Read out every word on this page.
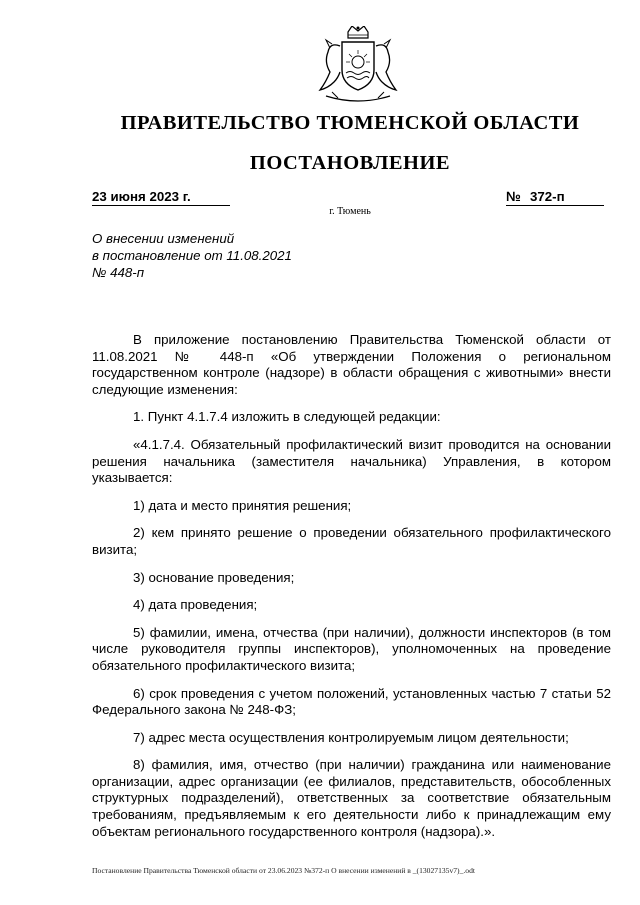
ПРАВИТЕЛЬСТВО ТЮМЕНСКОЙ ОБЛАСТИ
ПОСТАНОВЛЕНИЕ
23 июня 2023 г.	№ 372-п
г. Тюмень
О внесении изменений
в постановление от 11.08.2021
№ 448-п

В приложение постановлению Правительства Тюменской области от 11.08.2021 № 448-п «Об утверждении Положения о региональном государственном контроле (надзоре) в области обращения с животными» внести следующие изменения:

1. Пункт 4.1.7.4 изложить в следующей редакции:

«4.1.7.4. Обязательный профилактический визит проводится на основании решения начальника (заместителя начальника) Управления, в котором указывается:

1) дата и место принятия решения;

2) кем принято решение о проведении обязательного профилактического визита;

3) основание проведения;

4) дата проведения;

5) фамилии, имена, отчества (при наличии), должности инспекторов (в том числе руководителя группы инспекторов), уполномоченных на проведение обязательного профилактического визита;

6) срок проведения с учетом положений, установленных частью 7 статьи 52 Федерального закона № 248-ФЗ;

7) адрес места осуществления контролируемым лицом деятельности;

8) фамилия, имя, отчество (при наличии) гражданина или наименование организации, адрес организации (ее филиалов, представительств, обособленных структурных подразделений), ответственных за соответствие обязательным требованиям, предъявляемым к его деятельности либо к принадлежащим ему объектам регионального государственного контроля (надзора).».

Постановление Правительства Тюменской области от 23.06.2023 №372-п О внесении изменений в _(13027135v7)_.odt
